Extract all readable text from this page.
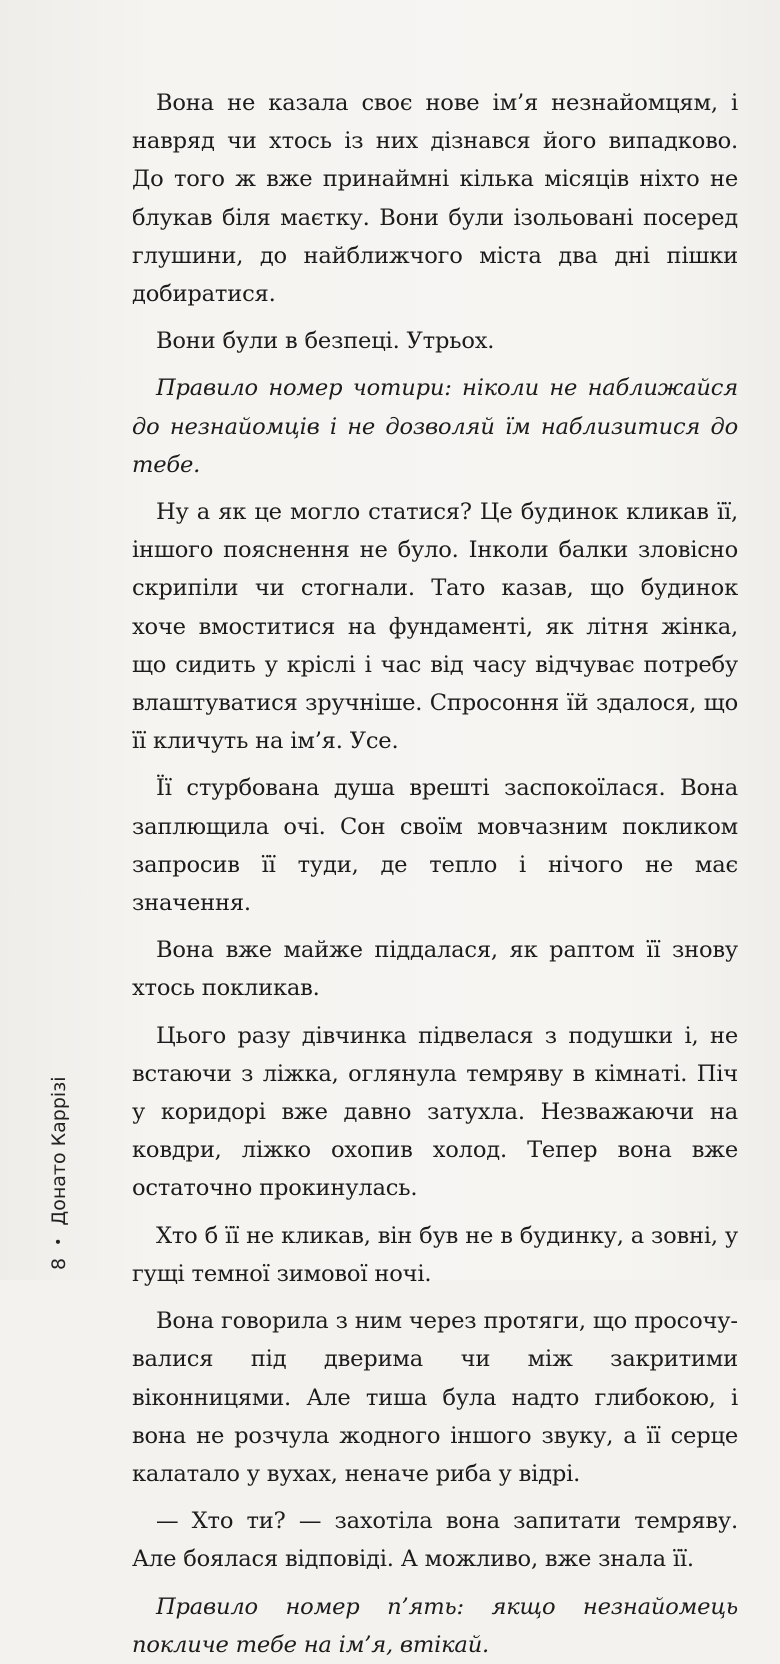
Вона не казала своє нове ім’я незнайомцям, і навряд чи хтось із них дізнався його випадково. До того ж вже принаймні кілька місяців ніхто не блукав біля маєтку. Вони були ізольовані посеред глушини, до найближчого міста два дні пішки добиратися.

Вони були в безпеці. Утрьох.

Правило номер чотири: ніколи не наближайся до незнайомців і не дозволяй їм наблизитися до тебе.

Ну а як це могло статися? Це будинок кликав її, іншого пояснення не було. Інколи балки зловісно скрипіли чи стогнали. Тато казав, що будинок хоче вмоститися на фундаменті, як літня жінка, що сидить у кріслі і час від часу відчуває потребу влаштуватися зручніше. Спросоння їй здалося, що її кличуть на ім’я. Усе.

Її стурбована душа врешті заспокоїлася. Вона заплющила очі. Сон своїм мовчазним покликом запросив її туди, де тепло і нічого не має значення.

Вона вже майже піддалася, як раптом її знову хтось покликав.

Цього разу дівчинка підвелася з подушки і, не встаючи з ліжка, оглянула темряву в кімнаті. Піч у коридорі вже давно затухла. Незважаючи на ковдри, ліжко охопив холод. Тепер вона вже остаточно прокинулась.

Хто б її не кликав, він був не в будинку, а зовні, у гущі темної зимової ночі.

Вона говорила з ним через протяги, що просочувалися під дверима чи між закритими віконницями. Але тиша була надто глибокою, і вона не розчула жодного іншого звуку, а її серце калатало у вухах, неначе риба у відрі.

— Хто ти? — захотіла вона запитати темряву. Але боялася відповіді. А можливо, вже знала її.

Правило номер п’ять: якщо незнайомець покличе тебе на ім’я, втікай.

8
•
Донато Каррізі
